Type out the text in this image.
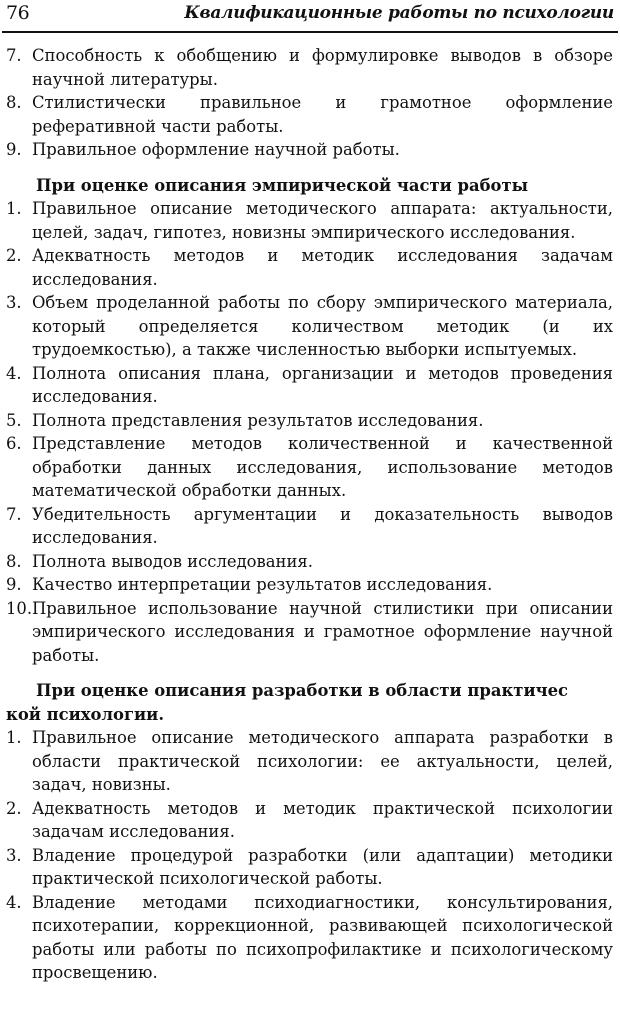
76	Квалификационные работы по психологии
7. Способность к обобщению и формулировке выводов в обзоре научной литературы.
8. Стилистически правильное и грамотное оформление реферативной части работы.
9. Правильное оформление научной работы.
При оценке описания эмпирической части работы
1. Правильное описание методического аппарата: актуальности, целей, задач, гипотез, новизны эмпирического исследования.
2. Адекватность методов и методик исследования задачам исследования.
3. Объем проделанной работы по сбору эмпирического материала, который определяется количеством методик (и их трудоемкостью), а также численностью выборки испытуемых.
4. Полнота описания плана, организации и методов проведения исследования.
5. Полнота представления результатов исследования.
6. Представление методов количественной и качественной обработки данных исследования, использование методов математической обработки данных.
7. Убедительность аргументации и доказательность выводов исследования.
8. Полнота выводов исследования.
9. Качество интерпретации результатов исследования.
10. Правильное использование научной стилистики при описании эмпирического исследования и грамотное оформление научной работы.
При оценке описания разработки в области практичес
кой психологии.
1. Правильное описание методического аппарата разработки в области практической психологии: ее актуальности, целей, задач, новизны.
2. Адекватность методов и методик практической психологии задачам исследования.
3. Владение процедурой разработки (или адаптации) методики практической психологической работы.
4. Владение методами психодиагностики, консультирования, психотерапии, коррекционной, развивающей психологической работы или работы по психопрофилактике и психологическому просвещению.
